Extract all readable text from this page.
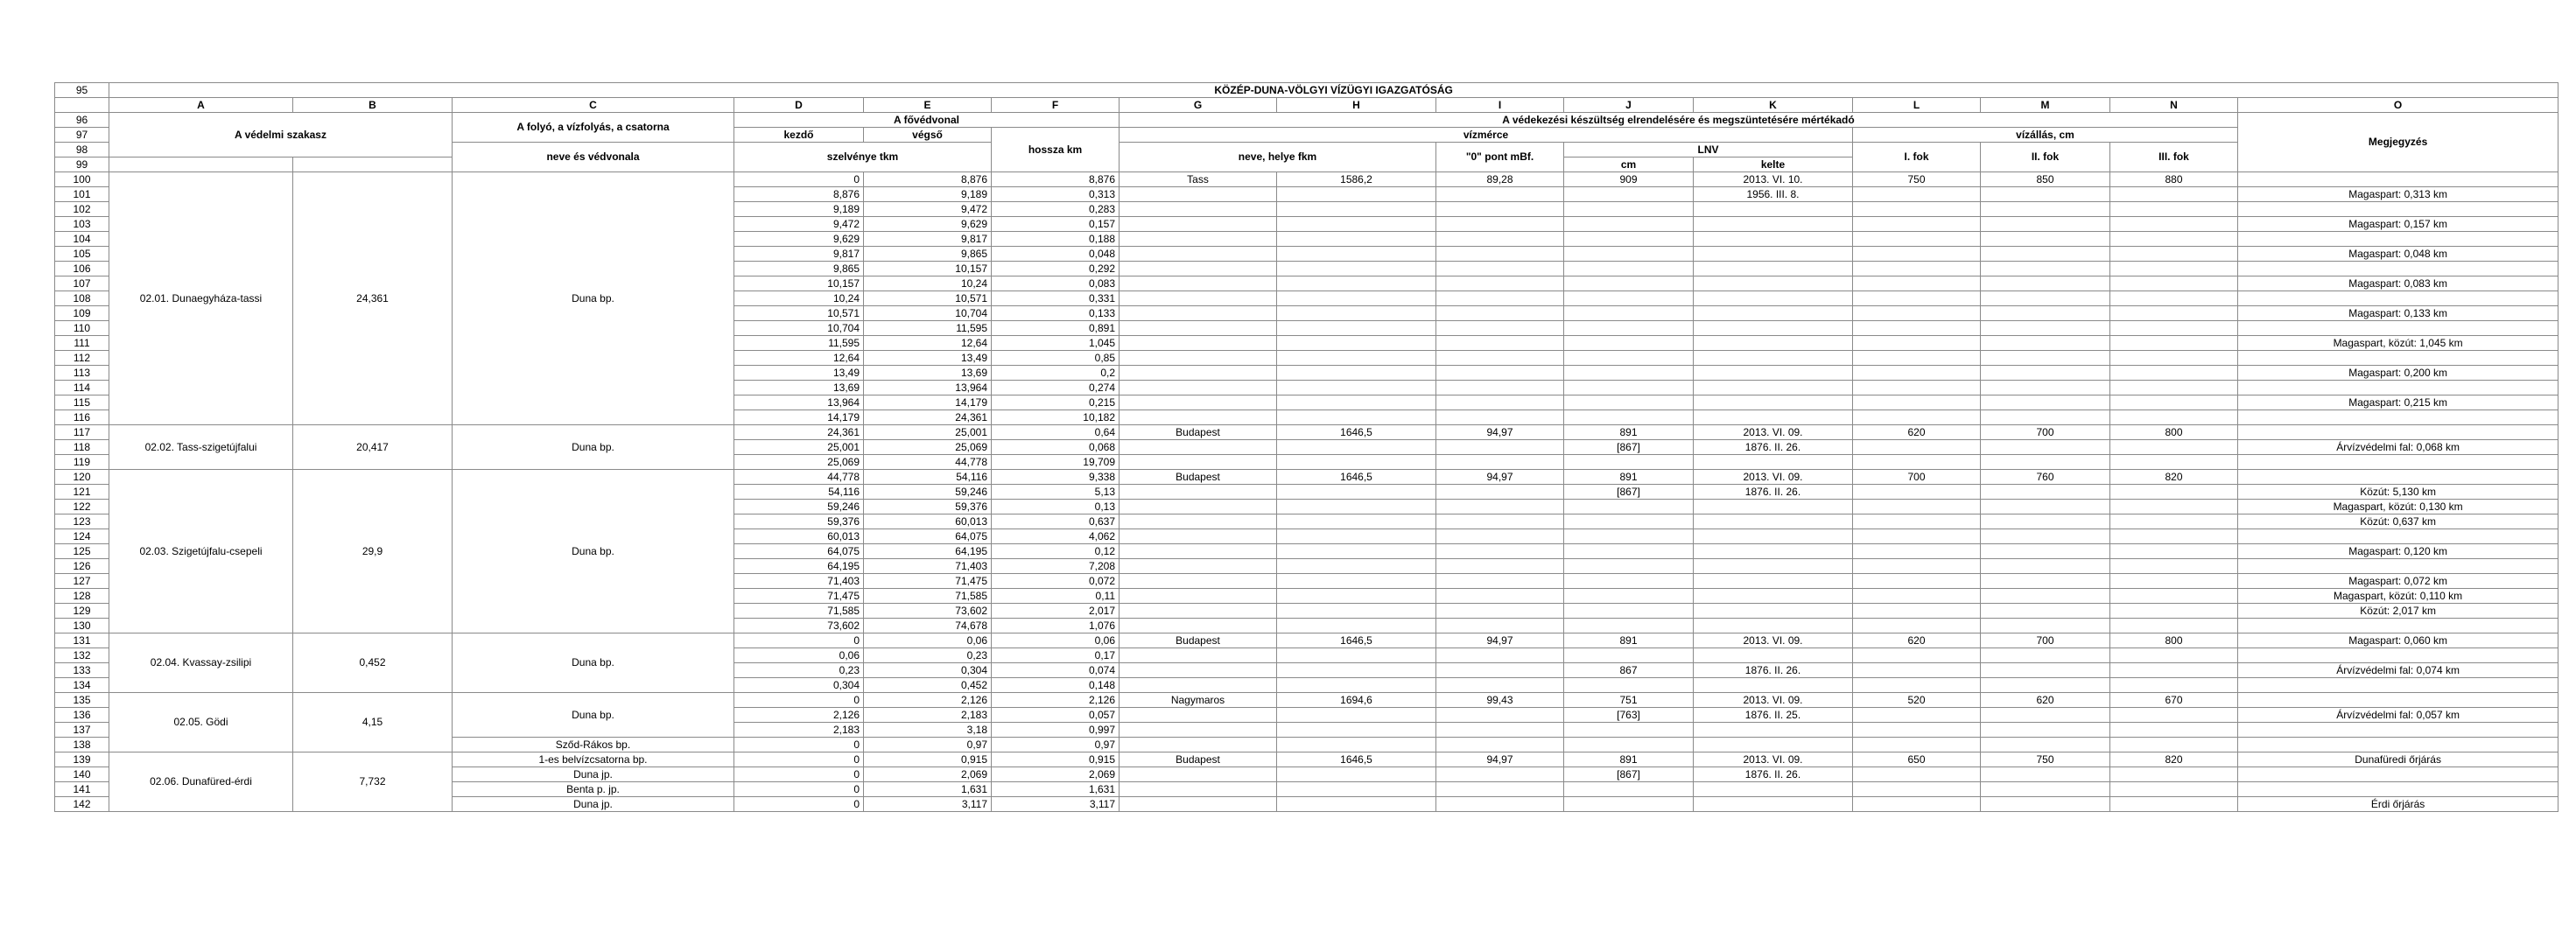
95	KÖZÉP-DUNA-VÖLGYI VÍZÜGYI IGAZGATÓSÁG														
	A	B	C	D	E	F	G	H	I	J	K	L	M	N	O
96	A védelmi szakasz		A folyó, a vízfolyás, a csatorna	A fővédvonal			A védekezési készültség elrendelésére és megszüntetésére mértékadó								Megjegyzés
97				kezdő	végső	hossza km	vízmérce					vízállás, cm			
98			neve és védvonala	szelvénye tkm			neve, helye fkm		"0" pont mBf.	LNV		I. fok	II. fok	III. fok	
99										cm	kelte				
100	02.01. Dunaegyháza-tassi	24,361	Duna bp.	0	8,876	8,876	Tass	1586,2	89,28	909	2013. VI. 10.	750	850	880	
101				8,876	9,189	0,313					1956. III. 8.				Magaspart: 0,313 km
102				9,189	9,472	0,283									
103				9,472	9,629	0,157									Magaspart: 0,157 km
104				9,629	9,817	0,188									
105				9,817	9,865	0,048									Magaspart: 0,048 km
106				9,865	10,157	0,292									
107				10,157	10,24	0,083									Magaspart: 0,083 km
108				10,24	10,571	0,331									
109				10,571	10,704	0,133									Magaspart: 0,133 km
110				10,704	11,595	0,891									
111				11,595	12,64	1,045									Magaspart, közút: 1,045 km
112				12,64	13,49	0,85									
113				13,49	13,69	0,2									Magaspart: 0,200 km
114				13,69	13,964	0,274									
115				13,964	14,179	0,215									Magaspart: 0,215 km
116				14,179	24,361	10,182									
117	02.02. Tass-szigetújfalui	20,417	Duna bp.	24,361	25,001	0,64	Budapest	1646,5	94,97	891	2013. VI. 09.	620	700	800	
118				25,001	25,069	0,068				[867]	1876. II. 26.				Árvízvédelmi fal: 0,068 km
119				25,069	44,778	19,709									
120	02.03. Szigetújfalu-csepeli	29,9	Duna bp.	44,778	54,116	9,338	Budapest	1646,5	94,97	891	2013. VI. 09.	700	760	820	
121				54,116	59,246	5,13				[867]	1876. II. 26.				Közút: 5,130 km
122				59,246	59,376	0,13									Magaspart, közút: 0,130 km
123				59,376	60,013	0,637									Közút: 0,637 km
124				60,013	64,075	4,062									
125				64,075	64,195	0,12									Magaspart: 0,120 km
126				64,195	71,403	7,208									
127				71,403	71,475	0,072									Magaspart: 0,072 km
128				71,475	71,585	0,11									Magaspart, közút: 0,110 km
129				71,585	73,602	2,017									Közút: 2,017 km
130				73,602	74,678	1,076									
131	02.04. Kvassay-zsilipi	0,452	Duna bp.	0	0,06	0,06	Budapest	1646,5	94,97	891	2013. VI. 09.	620	700	800	Magaspart: 0,060 km
132				0,06	0,23	0,17									
133				0,23	0,304	0,074				867	1876. II. 26.				Árvízvédelmi fal: 0,074 km
134				0,304	0,452	0,148									
135	02.05. Gödi	4,15	Duna bp.	0	2,126	2,126	Nagymaros	1694,6	99,43	751	2013. VI. 09.	520	620	670	
136				2,126	2,183	0,057				[763]	1876. II. 25.				Árvízvédelmi fal: 0,057 km
137				2,183	3,18	0,997									
138			Sződ-Rákos bp.	0	0,97	0,97									
139	02.06. Dunafüred-érdi	7,732	1-es belvízcsatorna bp.	0	0,915	0,915	Budapest	1646,5	94,97	891	2013. VI. 09.	650	750	820	Dunafüredi őrjárás
140			Duna jp.	0	2,069	2,069				[867]	1876. II. 26.				
141			Benta p. jp.	0	1,631	1,631									
142			Duna jp.	0	3,117	3,117									Érdi őrjárás
